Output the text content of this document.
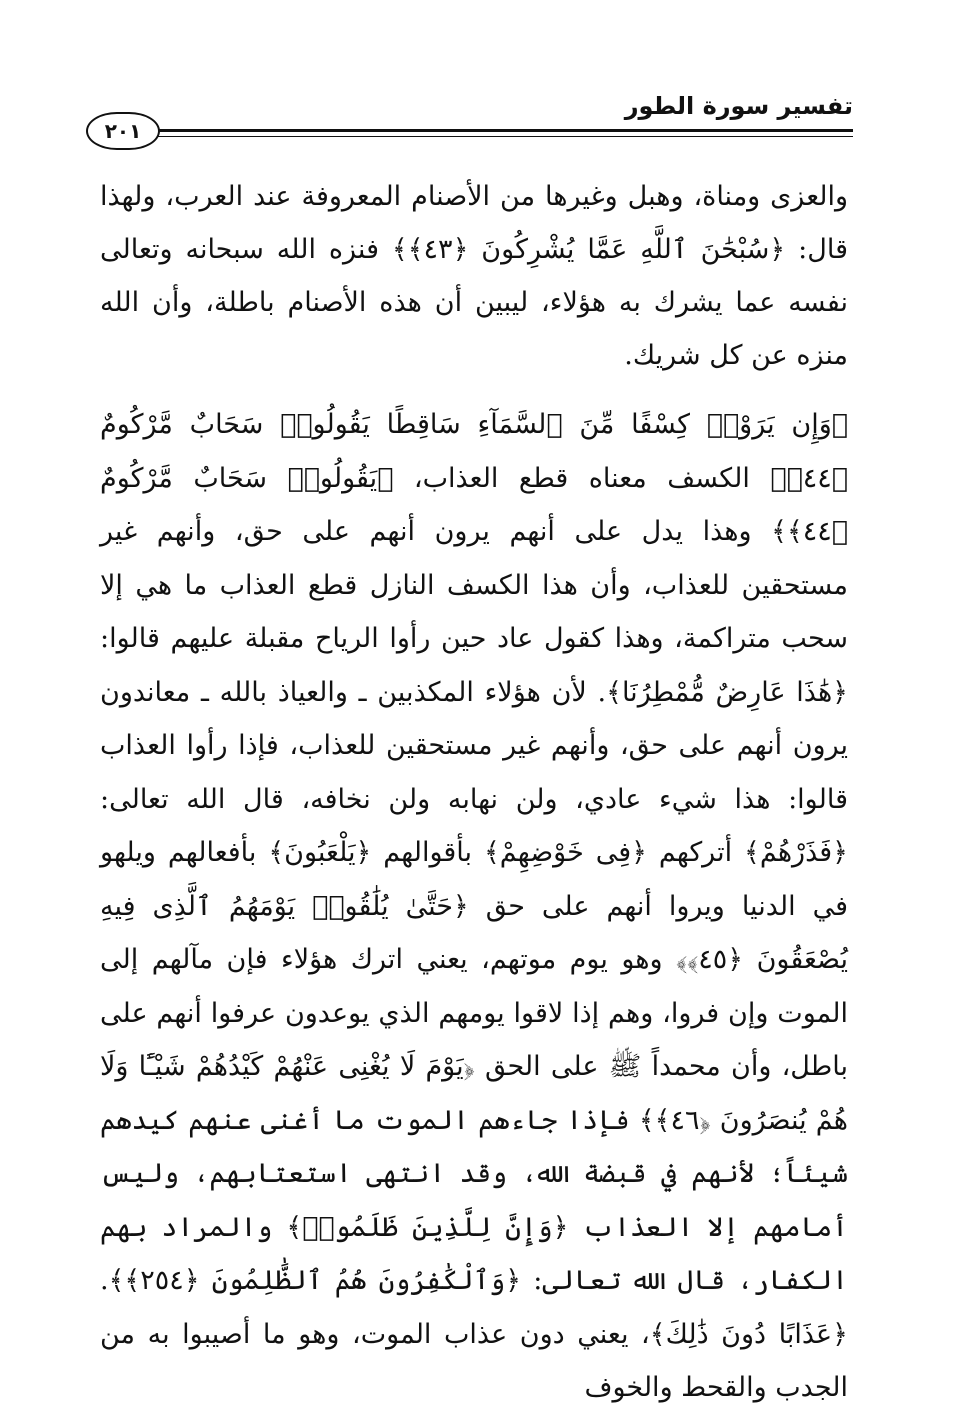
تفسير سورة الطور
٢٠١

والعزى ومناة، وهبل وغيرها من الأصنام المعروفة عند العرب، ولهذا قال: ﴿سُبْحَٰنَ ٱللَّهِ عَمَّا يُشْرِكُونَ ﴿٤٣﴾﴾ فنزه الله سبحانه وتعالى نفسه عما يشرك به هؤلاء، ليبين أن هذه الأصنام باطلة، وأن الله منزه عن كل شريك.

﴿وَإِن يَرَوْا۟ كِسْفًا مِّنَ ٱلسَّمَآءِ سَاقِطًا يَقُولُوا۟ سَحَابٌ مَّرْكُومٌ ﴿٤٤﴾﴾ الكسف معناه قطع العذاب، ﴿يَقُولُوا۟ سَحَابٌ مَّرْكُومٌ ﴿٤٤﴾﴾ وهذا يدل على أنهم يرون أنهم على حق، وأنهم غير مستحقين للعذاب، وأن هذا الكسف النازل قطع العذاب ما هي إلا سحب متراكمة، وهذا كقول عاد حين رأوا الرياح مقبلة عليهم قالوا: ﴿هَٰذَا عَارِضٌ مُّمْطِرُنَا﴾. لأن هؤلاء المكذبين ـ والعياذ بالله ـ معاندون يرون أنهم على حق، وأنهم غير مستحقين للعذاب، فإذا رأوا العذاب قالوا: هذا شيء عادي، ولن نهابه ولن نخافه، قال الله تعالى: ﴿فَذَرْهُمْ﴾ أتركهم ﴿فِى خَوْضِهِمْ﴾ بأقوالهم ﴿يَلْعَبُونَ﴾ بأفعالهم ويلهو في الدنيا ويروا أنهم على حق ﴿حَتَّىٰ يُلَٰقُوا۟ يَوْمَهُمُ ٱلَّذِى فِيهِ يُصْعَقُونَ ﴿٤٥﴾﴾ وهو يوم موتهم، يعني اترك هؤلاء فإن مآلهم إلى الموت وإن فروا، وهم إذا لاقوا يومهم الذي يوعدون عرفوا أنهم على باطل، وأن محمداً ﷺ على الحق ﴿يَوْمَ لَا يُغْنِى عَنْهُمْ كَيْدُهُمْ شَيْـًٔا وَلَا هُمْ يُنصَرُونَ ﴿٤٦﴾﴾ فإذا جاءهم الموت ما أغنى عنهم كيدهم شيئاً؛ لأنهم في قبضة الله، وقد انتهى استعتابهم، وليس أمامهم إلا العذاب ﴿وَإِنَّ لِلَّذِينَ ظَلَمُوا۟﴾ والمراد بهم الكفار، قال الله تعالى: ﴿وَٱلْكَٰفِرُونَ هُمُ ٱلظَّٰلِمُونَ ﴿٢٥٤﴾﴾. ﴿عَذَابًا دُونَ ذَٰلِكَ﴾، يعني دون عذاب الموت، وهو ما أصيبوا به من الجدب والقحط والخوف
